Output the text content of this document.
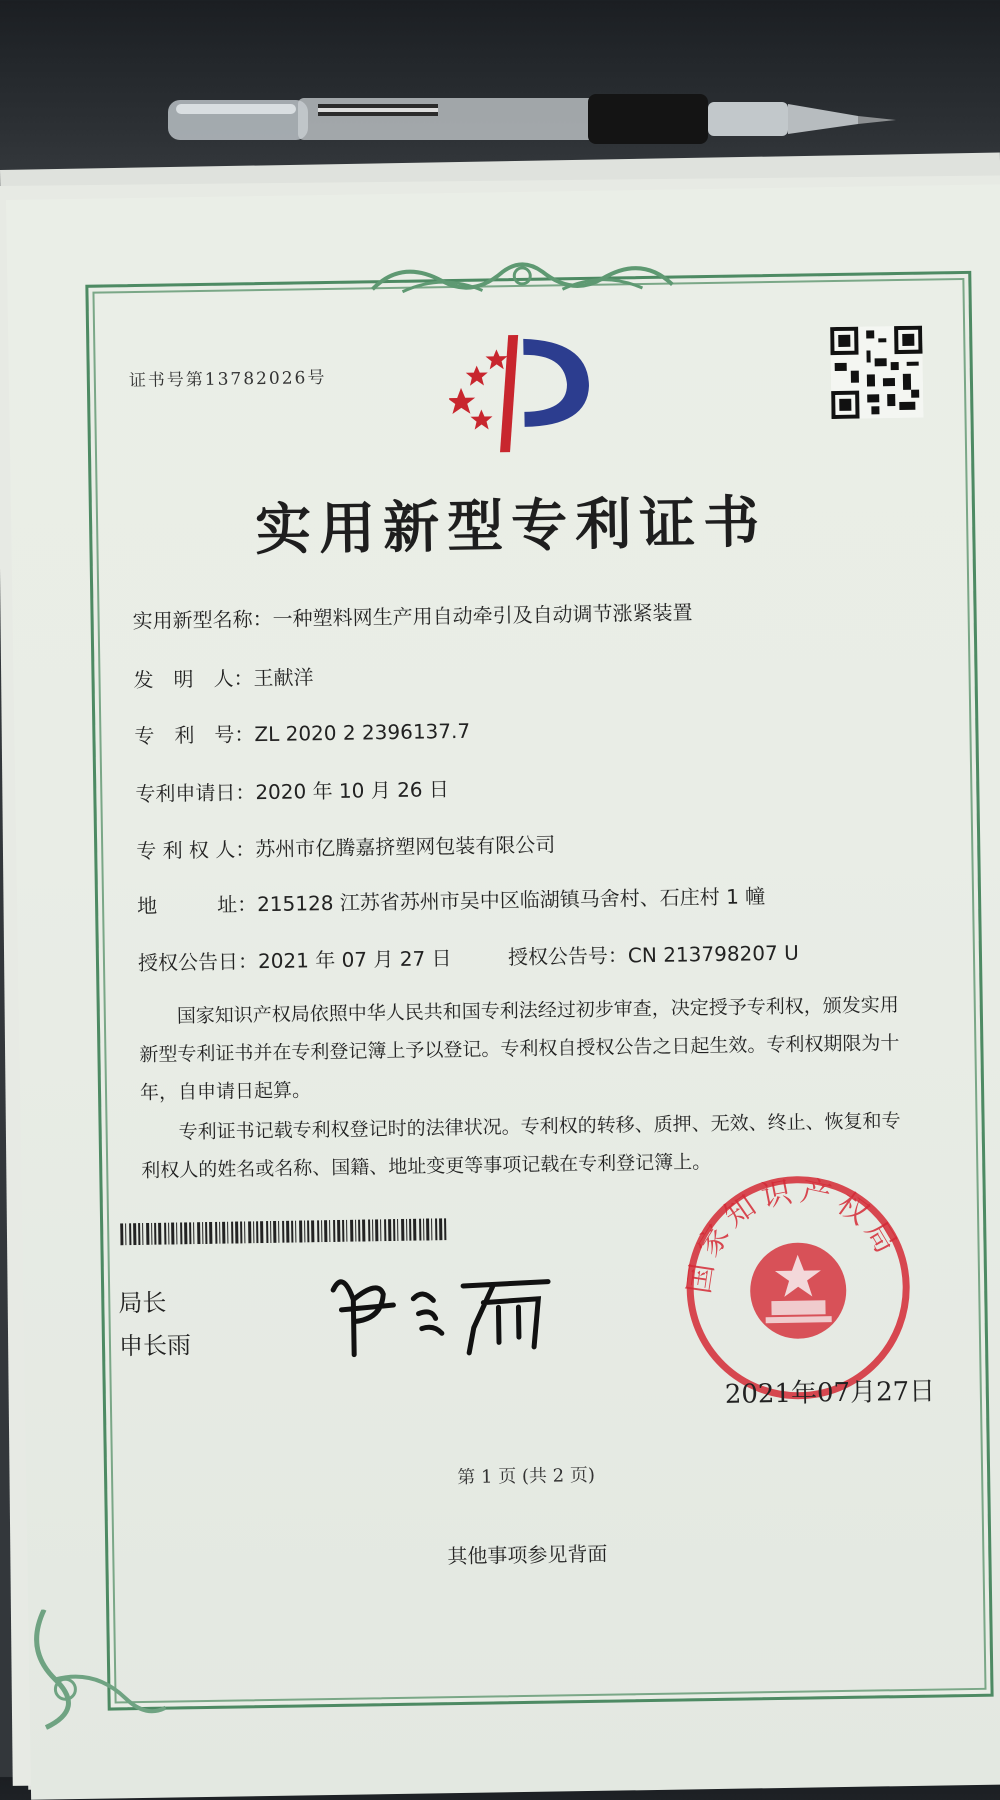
证书号第13782026号
实用新型专利证书
实用新型名称：一种塑料网生产用自动牵引及自动调节涨紧装置
发　明　人：王献洋
专　利　号：ZL 2020 2 2396137.7
专利申请日：2020 年 10 月 26 日
专 利 权 人：苏州市亿腾嘉挤塑网包装有限公司
地　　　址：215128 江苏省苏州市吴中区临湖镇马舍村、石庄村 1 幢
授权公告日：2021 年 07 月 27 日	授权公告号：CN 213798207 U
国家知识产权局依照中华人民共和国专利法经过初步审查，决定授予专利权，颁发实用新型专利证书并在专利登记簿上予以登记。专利权自授权公告之日起生效。专利权期限为十年，自申请日起算。
专利证书记载专利权登记时的法律状况。专利权的转移、质押、无效、终止、恢复和专利权人的姓名或名称、国籍、地址变更等事项记载在专利登记簿上。
局长
申长雨
国家知识产权局
2021年07月27日
第 1 页 (共 2 页)
其他事项参见背面
